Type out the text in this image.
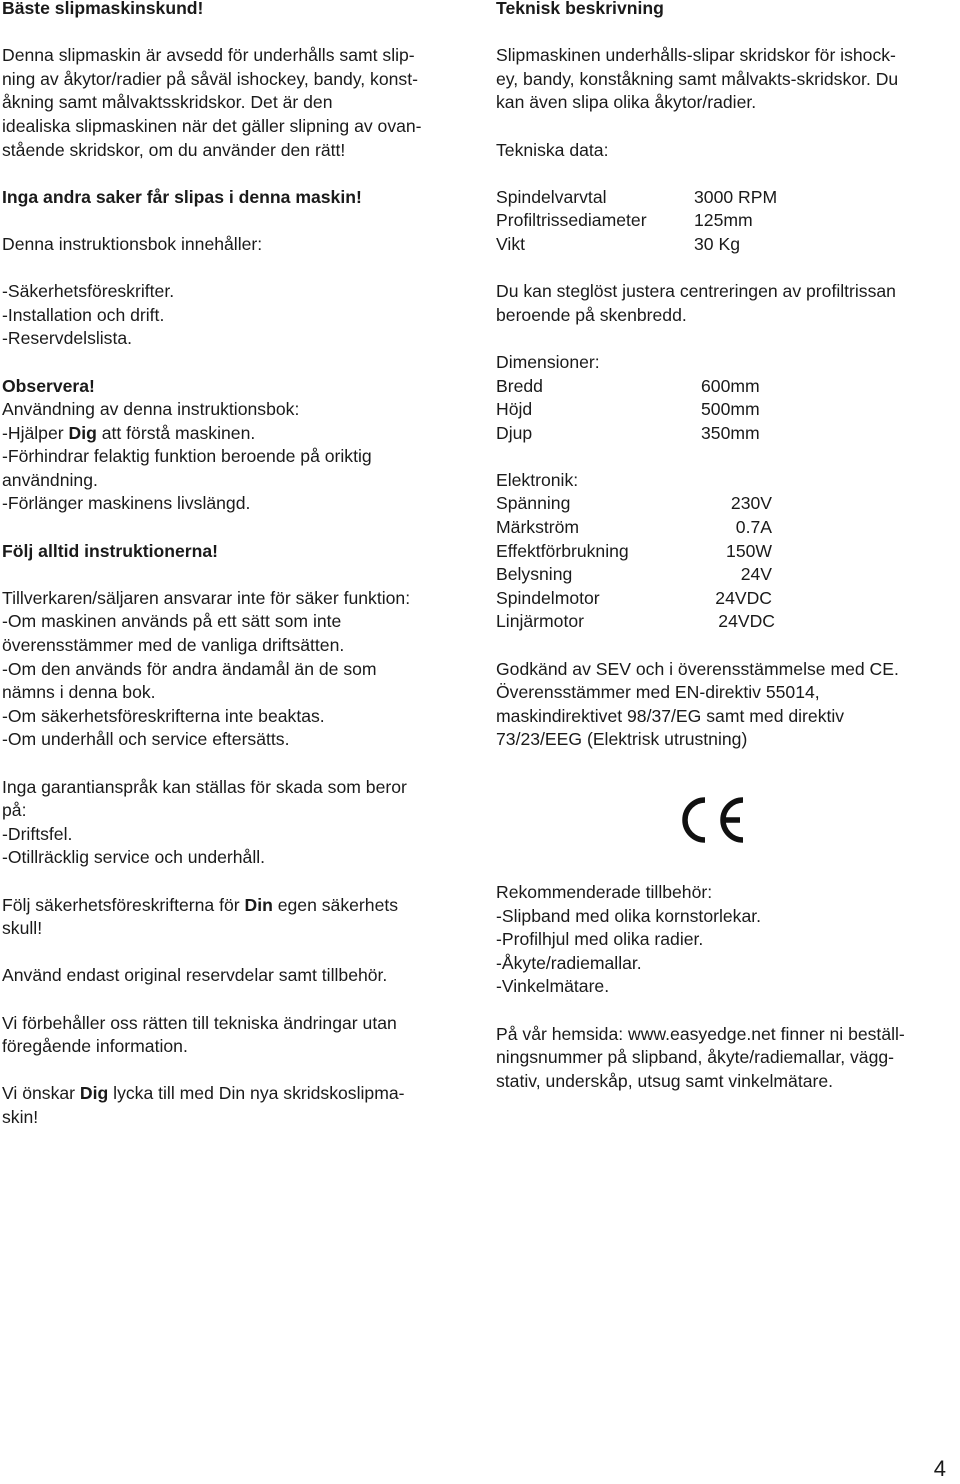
Bäste slipmaskinskund!

Denna slipmaskin är avsedd för underhålls samt slip-

ning av åkytor/radier på såväl ishockey, bandy, konst-

åkning samt målvaktsskridskor. Det är den

idealiska slipmaskinen när det gäller slipning av ovan-

stående skridskor, om du använder den rätt!

Inga andra saker får slipas i denna maskin!

Denna instruktionsbok innehåller:

-Säkerhetsföreskrifter.

-Installation och drift.

-Reservdelslista.

Observera!

Användning av denna instruktionsbok:

-Hjälper Dig att förstå maskinen.

-Förhindrar felaktig funktion beroende på oriktig

användning.

-Förlänger maskinens livslängd.

Följ alltid instruktionerna!

Tillverkaren/säljaren ansvarar inte för säker funktion:

-Om maskinen används på ett sätt som inte

överensstämmer med de vanliga driftsätten.

-Om den används för andra ändamål än de som

nämns i denna bok.

-Om säkerhetsföreskrifterna inte beaktas.

-Om underhåll och service eftersätts.

Inga garantianspråk kan ställas för skada som beror

på:

-Driftsfel.

-Otillräcklig service och underhåll.

Följ säkerhetsföreskrifterna för Din egen säkerhets

skull!

Använd endast original reservdelar samt tillbehör.

Vi förbehåller oss rätten till tekniska ändringar utan

föregående information.

Vi önskar Dig lycka till med Din nya skridskoslipma-

skin!

Teknisk beskrivning

Slipmaskinen underhålls-slipar skridskor för ishock-

ey, bandy, konståkning samt målvakts-skridskor. Du

kan även slipa olika åkytor/radier.

Tekniska data:

Spindelvarvtal	3000 RPM
Profiltrissediameter	125mm
Vikt	30 Kg

Du kan steglöst justera centreringen av profiltrissan

beroende på skenbredd.

Dimensioner:

Bredd	600mm
Höjd	500mm
Djup	350mm

Elektronik:

Spänning	230V
Märkström	0.7A
Effektförbrukning	150W
Belysning	24V
Spindelmotor	24VDC
Linjärmotor	24VDC

Godkänd av SEV och i överensstämmelse med CE.

Överensstämmer med EN-direktiv 55014,

maskindirektivet 98/37/EG samt med direktiv

73/23/EEG (Elektrisk utrustning)

Rekommenderade tillbehör:

-Slipband med olika kornstorlekar.

-Profilhjul med olika radier.

-Åkyte/radiemallar.

-Vinkelmätare.

På vår hemsida: www.easyedge.net finner ni beställ-

ningsnummer på slipband, åkyte/radiemallar, vägg-

stativ, underskåp, utsug samt vinkelmätare.

4
